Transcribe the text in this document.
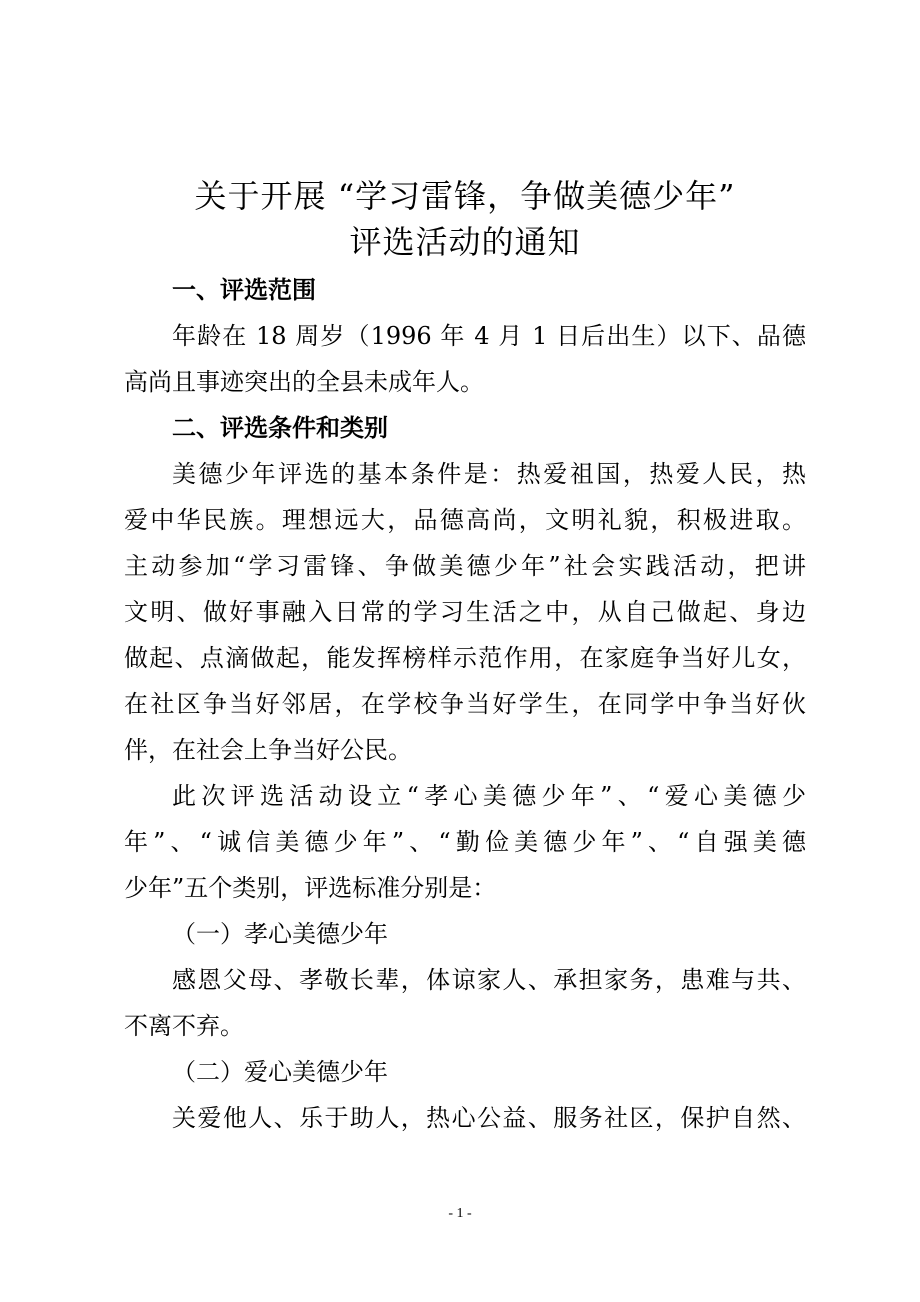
关于开展 “学习雷锋，争做美德少年”
评选活动的通知
一、评选范围
年龄在 18 周岁（1996 年 4 月 1 日后出生）以下、品德
高尚且事迹突出的全县未成年人。
二、评选条件和类别
美德少年评选的基本条件是：热爱祖国，热爱人民，热
爱中华民族。理想远大，品德高尚，文明礼貌，积极进取。
主动参加“学习雷锋、争做美德少年”社会实践活动，把讲
文明、做好事融入日常的学习生活之中，从自己做起、身边
做起、点滴做起，能发挥榜样示范作用，在家庭争当好儿女，
在社区争当好邻居，在学校争当好学生，在同学中争当好伙
伴，在社会上争当好公民。
此次评选活动设立“孝心美德少年”、“爱心美德少
年”、“诚信美德少年”、“勤俭美德少年”、“自强美德
少年”五个类别，评选标准分别是：
（一）孝心美德少年
感恩父母、孝敬长辈，体谅家人、承担家务，患难与共、
不离不弃。
（二）爱心美德少年
关爱他人、乐于助人，热心公益、服务社区，保护自然、
- 1 -
